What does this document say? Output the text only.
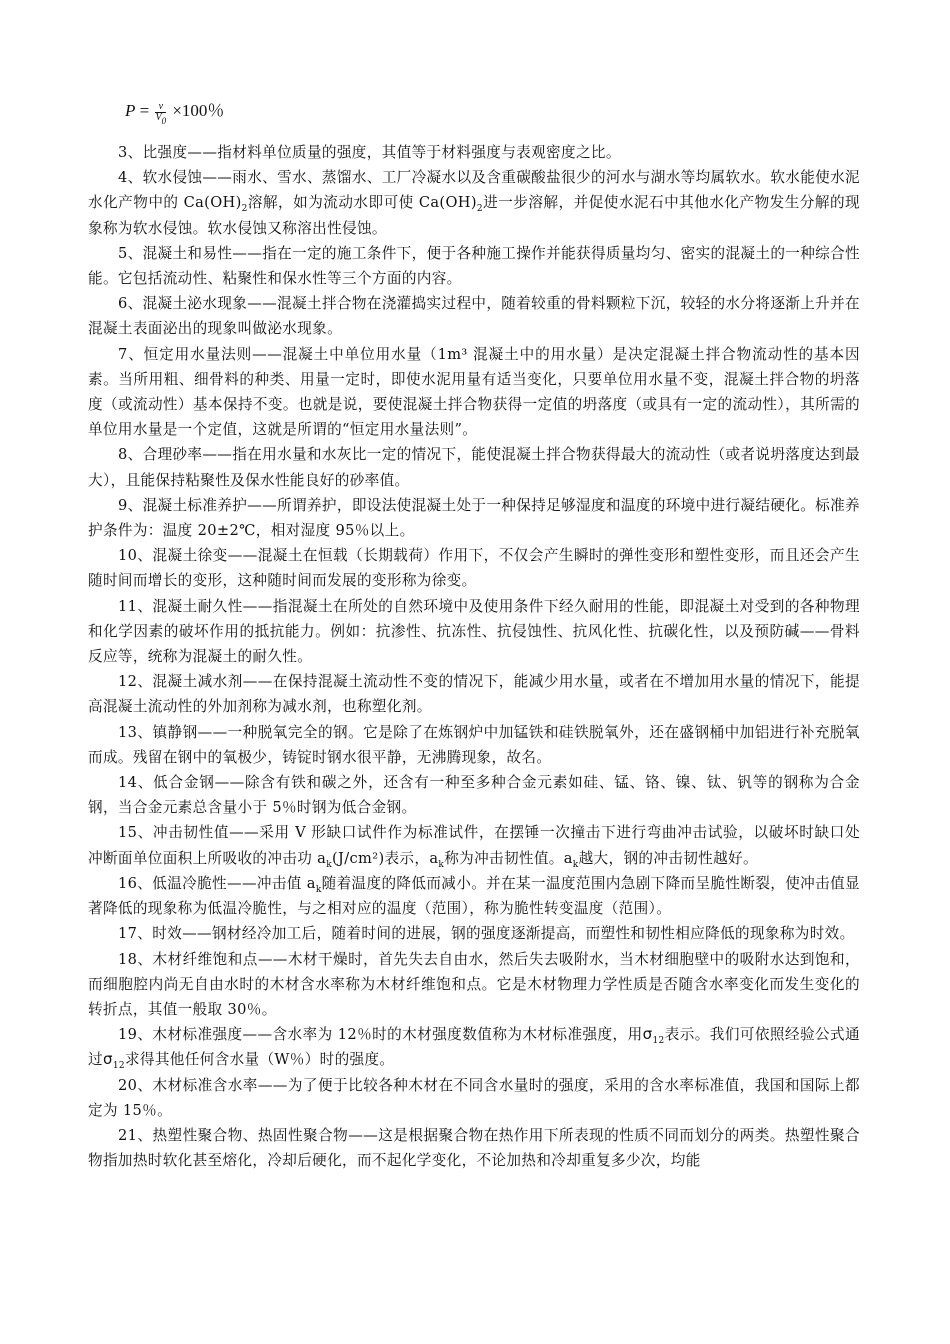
$P = \frac{v}{V_0} \times 100$％

3、比强度——指材料单位质量的强度，其值等于材料强度与表观密度之比。

4、软水侵蚀——雨水、雪水、蒸馏水、工厂冷凝水以及含重碳酸盐很少的河水与湖水等均属软水。软水能使水泥水化产物中的 $Ca(OH)_2$溶解，如为流动水即可使 $Ca(OH)_2$进一步溶解，并促使水泥石中其他水化产物发生分解的现象称为软水侵蚀。软水侵蚀又称溶出性侵蚀。

5、混凝土和易性——指在一定的施工条件下，便于各种施工操作并能获得质量均匀、密实的混凝土的一种综合性能。它包括流动性、粘聚性和保水性等三个方面的内容。

6、混凝土泌水现象——混凝土拌合物在浇灌捣实过程中，随着较重的骨料颗粒下沉，较轻的水分将逐渐上升并在混凝土表面泌出的现象叫做泌水现象。

7、恒定用水量法则——混凝土中单位用水量（1m³ 混凝土中的用水量）是决定混凝土拌合物流动性的基本因素。当所用粗、细骨料的种类、用量一定时，即使水泥用量有适当变化，只要单位用水量不变，混凝土拌合物的坍落度（或流动性）基本保持不变。也就是说，要使混凝土拌合物获得一定值的坍落度（或具有一定的流动性），其所需的单位用水量是一个定值，这就是所谓的“恒定用水量法则”。

8、合理砂率——指在用水量和水灰比一定的情况下，能使混凝土拌合物获得最大的流动性（或者说坍落度达到最大），且能保持粘聚性及保水性能良好的砂率值。

9、混凝土标准养护——所谓养护，即设法使混凝土处于一种保持足够湿度和温度的环境中进行凝结硬化。标准养护条件为：温度 20±2℃，相对湿度 95％以上。

10、混凝土徐变——混凝土在恒载（长期载荷）作用下，不仅会产生瞬时的弹性变形和塑性变形，而且还会产生随时间而增长的变形，这种随时间而发展的变形称为徐变。

11、混凝土耐久性——指混凝土在所处的自然环境中及使用条件下经久耐用的性能，即混凝土对受到的各种物理和化学因素的破坏作用的抵抗能力。例如：抗渗性、抗冻性、抗侵蚀性、抗风化性、抗碳化性，以及预防碱——骨料反应等，统称为混凝土的耐久性。

12、混凝土减水剂——在保持混凝土流动性不变的情况下，能减少用水量，或者在不增加用水量的情况下，能提高混凝土流动性的外加剂称为减水剂，也称塑化剂。

13、镇静钢——一种脱氧完全的钢。它是除了在炼钢炉中加锰铁和硅铁脱氧外，还在盛钢桶中加铝进行补充脱氧而成。残留在钢中的氧极少，铸锭时钢水很平静，无沸腾现象，故名。

14、低合金钢——除含有铁和碳之外，还含有一种至多种合金元素如硅、锰、铬、镍、钛、钒等的钢称为合金钢，当合金元素总含量小于 5％时钢为低合金钢。

15、冲击韧性值——采用 V 形缺口试件作为标准试件，在摆锤一次撞击下进行弯曲冲击试验，以破坏时缺口处冲断面单位面积上所吸收的冲击功 $a_k(J/cm^2)$表示，$a_k$称为冲击韧性值。$a_k$越大，钢的冲击韧性越好。

16、低温冷脆性——冲击值 $a_k$随着温度的降低而减小。并在某一温度范围内急剧下降而呈脆性断裂，使冲击值显著降低的现象称为低温冷脆性，与之相对应的温度（范围），称为脆性转变温度（范围）。

17、时效——钢材经冷加工后，随着时间的进展，钢的强度逐渐提高，而塑性和韧性相应降低的现象称为时效。

18、木材纤维饱和点——木材干燥时，首先失去自由水，然后失去吸附水，当木材细胞壁中的吸附水达到饱和，而细胞腔内尚无自由水时的木材含水率称为木材纤维饱和点。它是木材物理力学性质是否随含水率变化而发生变化的转折点，其值一般取 30％。

19、木材标准强度——含水率为 12％时的木材强度数值称为木材标准强度，用$\sigma_{12}$表示。我们可依照经验公式通过$\sigma_{12}$求得其他任何含水量（W％）时的强度。

20、木材标准含水率——为了便于比较各种木材在不同含水量时的强度，采用的含水率标准值，我国和国际上都定为 15％。

21、热塑性聚合物、热固性聚合物——这是根据聚合物在热作用下所表现的性质不同而划分的两类。热塑性聚合物指加热时软化甚至熔化，冷却后硬化，而不起化学变化，不论加热和冷却重复多少次，均能
